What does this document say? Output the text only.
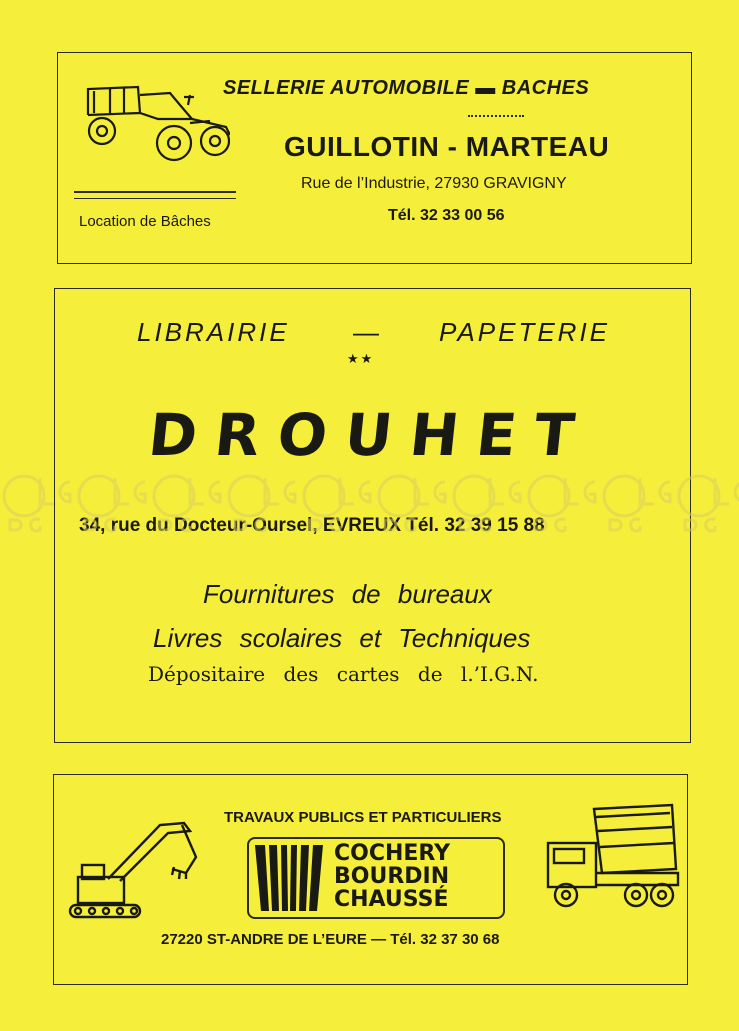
SELLERIE AUTOMOBILE ▬ BACHES
GUILLOTIN - MARTEAU
Rue de l’Industrie, 27930 GRAVIGNY
Tél. 32 33 00 56
Location de Bâches
LIBRAIRIE — PAPETERIE
★★
DROUHET
34, rue du Docteur-Oursel, EVREUX Tél. 32 39 15 88
Fournitures de bureaux
Livres scolaires et Techniques
Dépositaire des cartes de l.’I.G.N.
TRAVAUX PUBLICS ET PARTICULIERS
COCHERY
BOURDIN
CHAUSSÉ
27220 ST-ANDRE DE L’EURE — Tél. 32 37 30 68
